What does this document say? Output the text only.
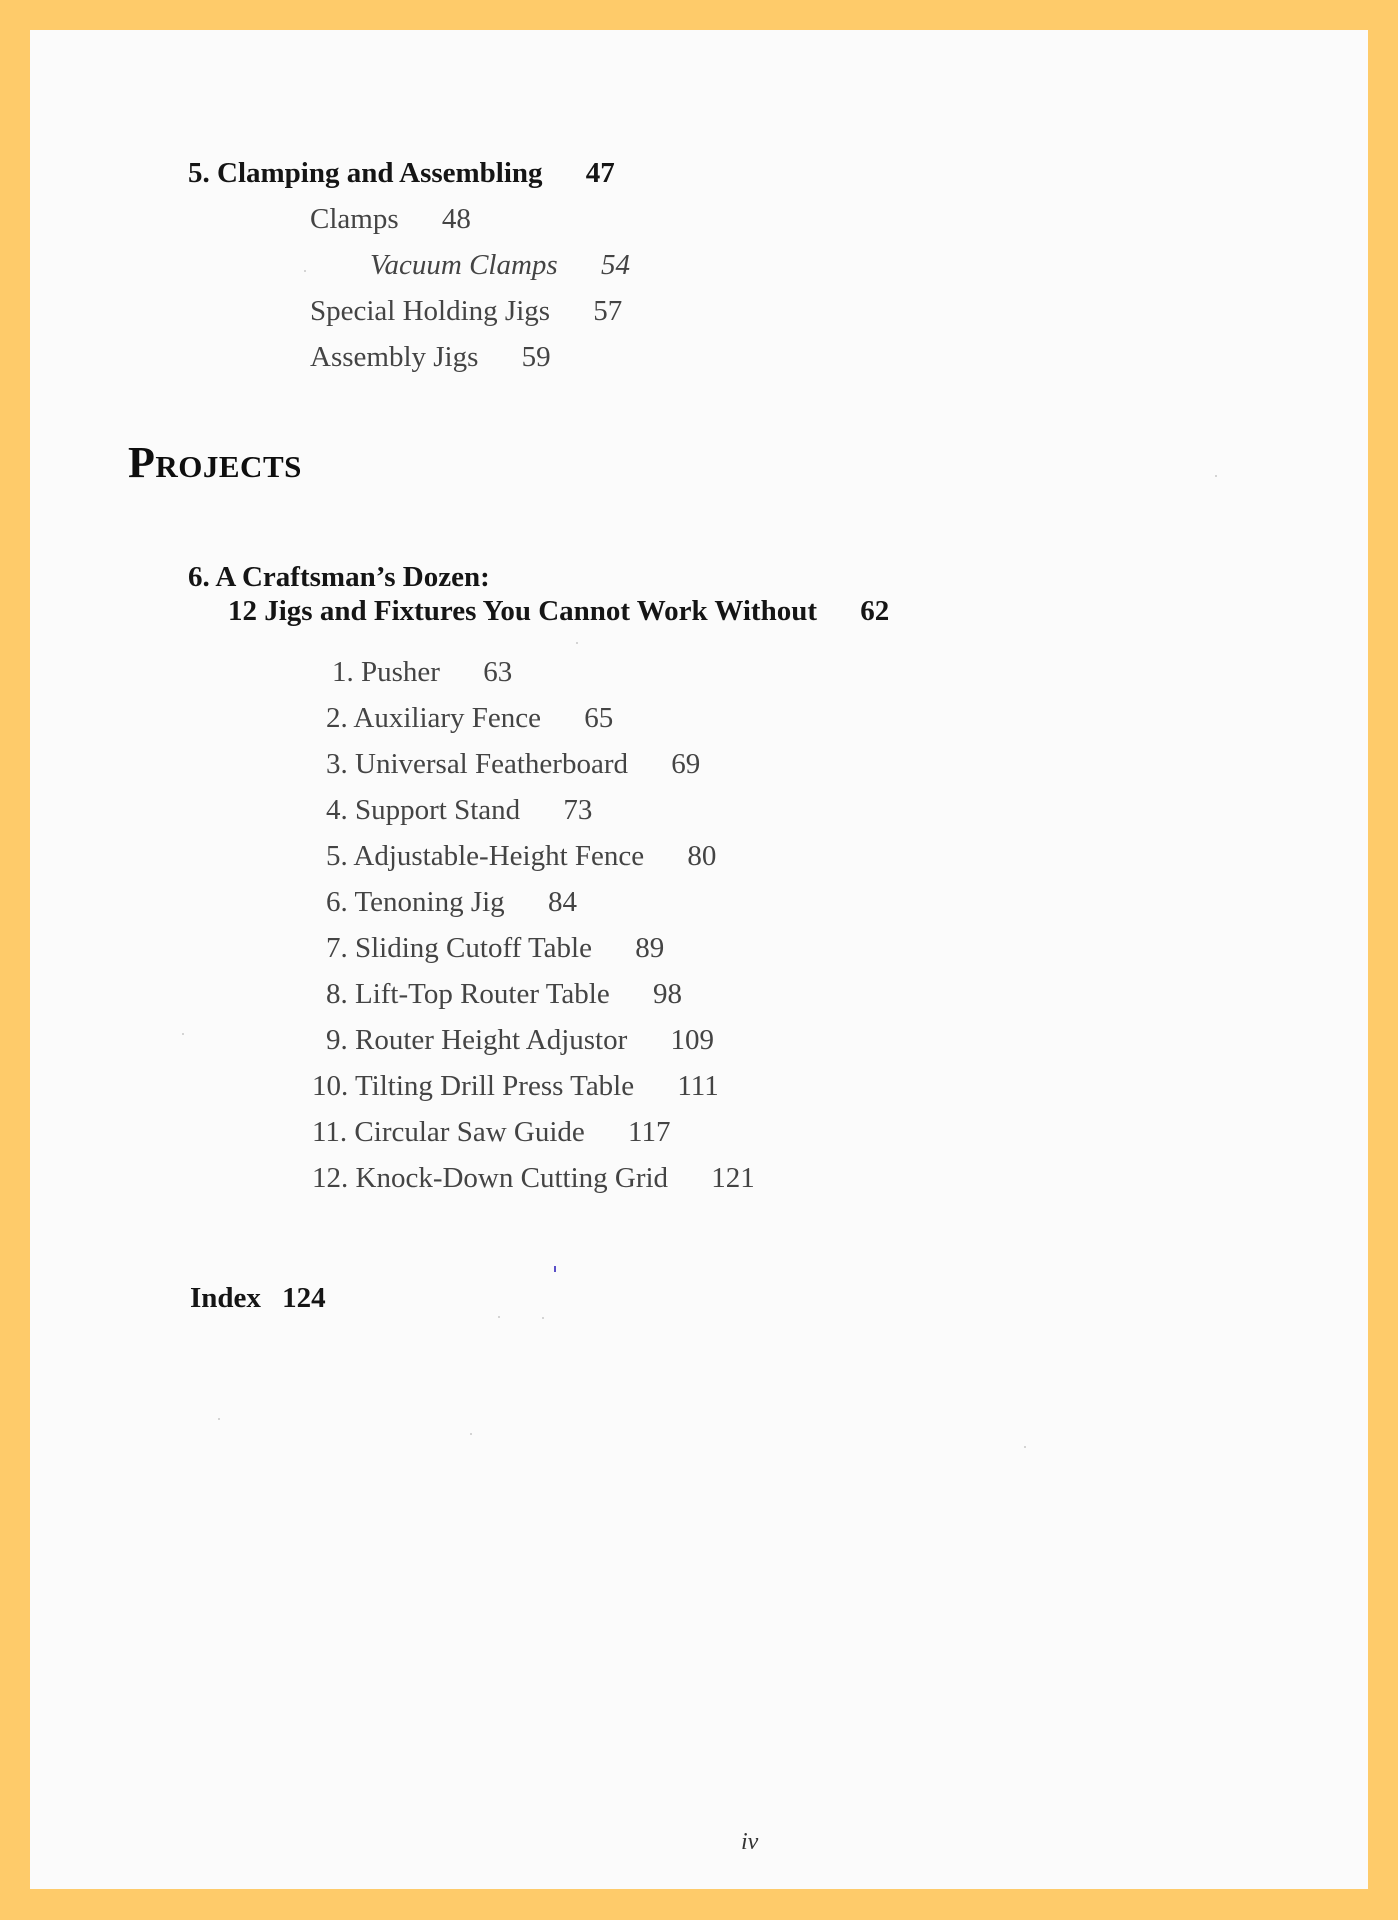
5. Clamping and Assembling 47
Clamps 48
Vacuum Clamps 54
Special Holding Jigs 57
Assembly Jigs 59
Projects
6. A Craftsman’s Dozen:
12 Jigs and Fixtures You Cannot Work Without 62
1. Pusher 63
2. Auxiliary Fence 65
3. Universal Featherboard 69
4. Support Stand 73
5. Adjustable-Height Fence 80
6. Tenoning Jig 84
7. Sliding Cutoff Table 89
8. Lift-Top Router Table 98
9. Router Height Adjustor 109
10. Tilting Drill Press Table 111
11. Circular Saw Guide 117
12. Knock-Down Cutting Grid 121
Index 124
iv
